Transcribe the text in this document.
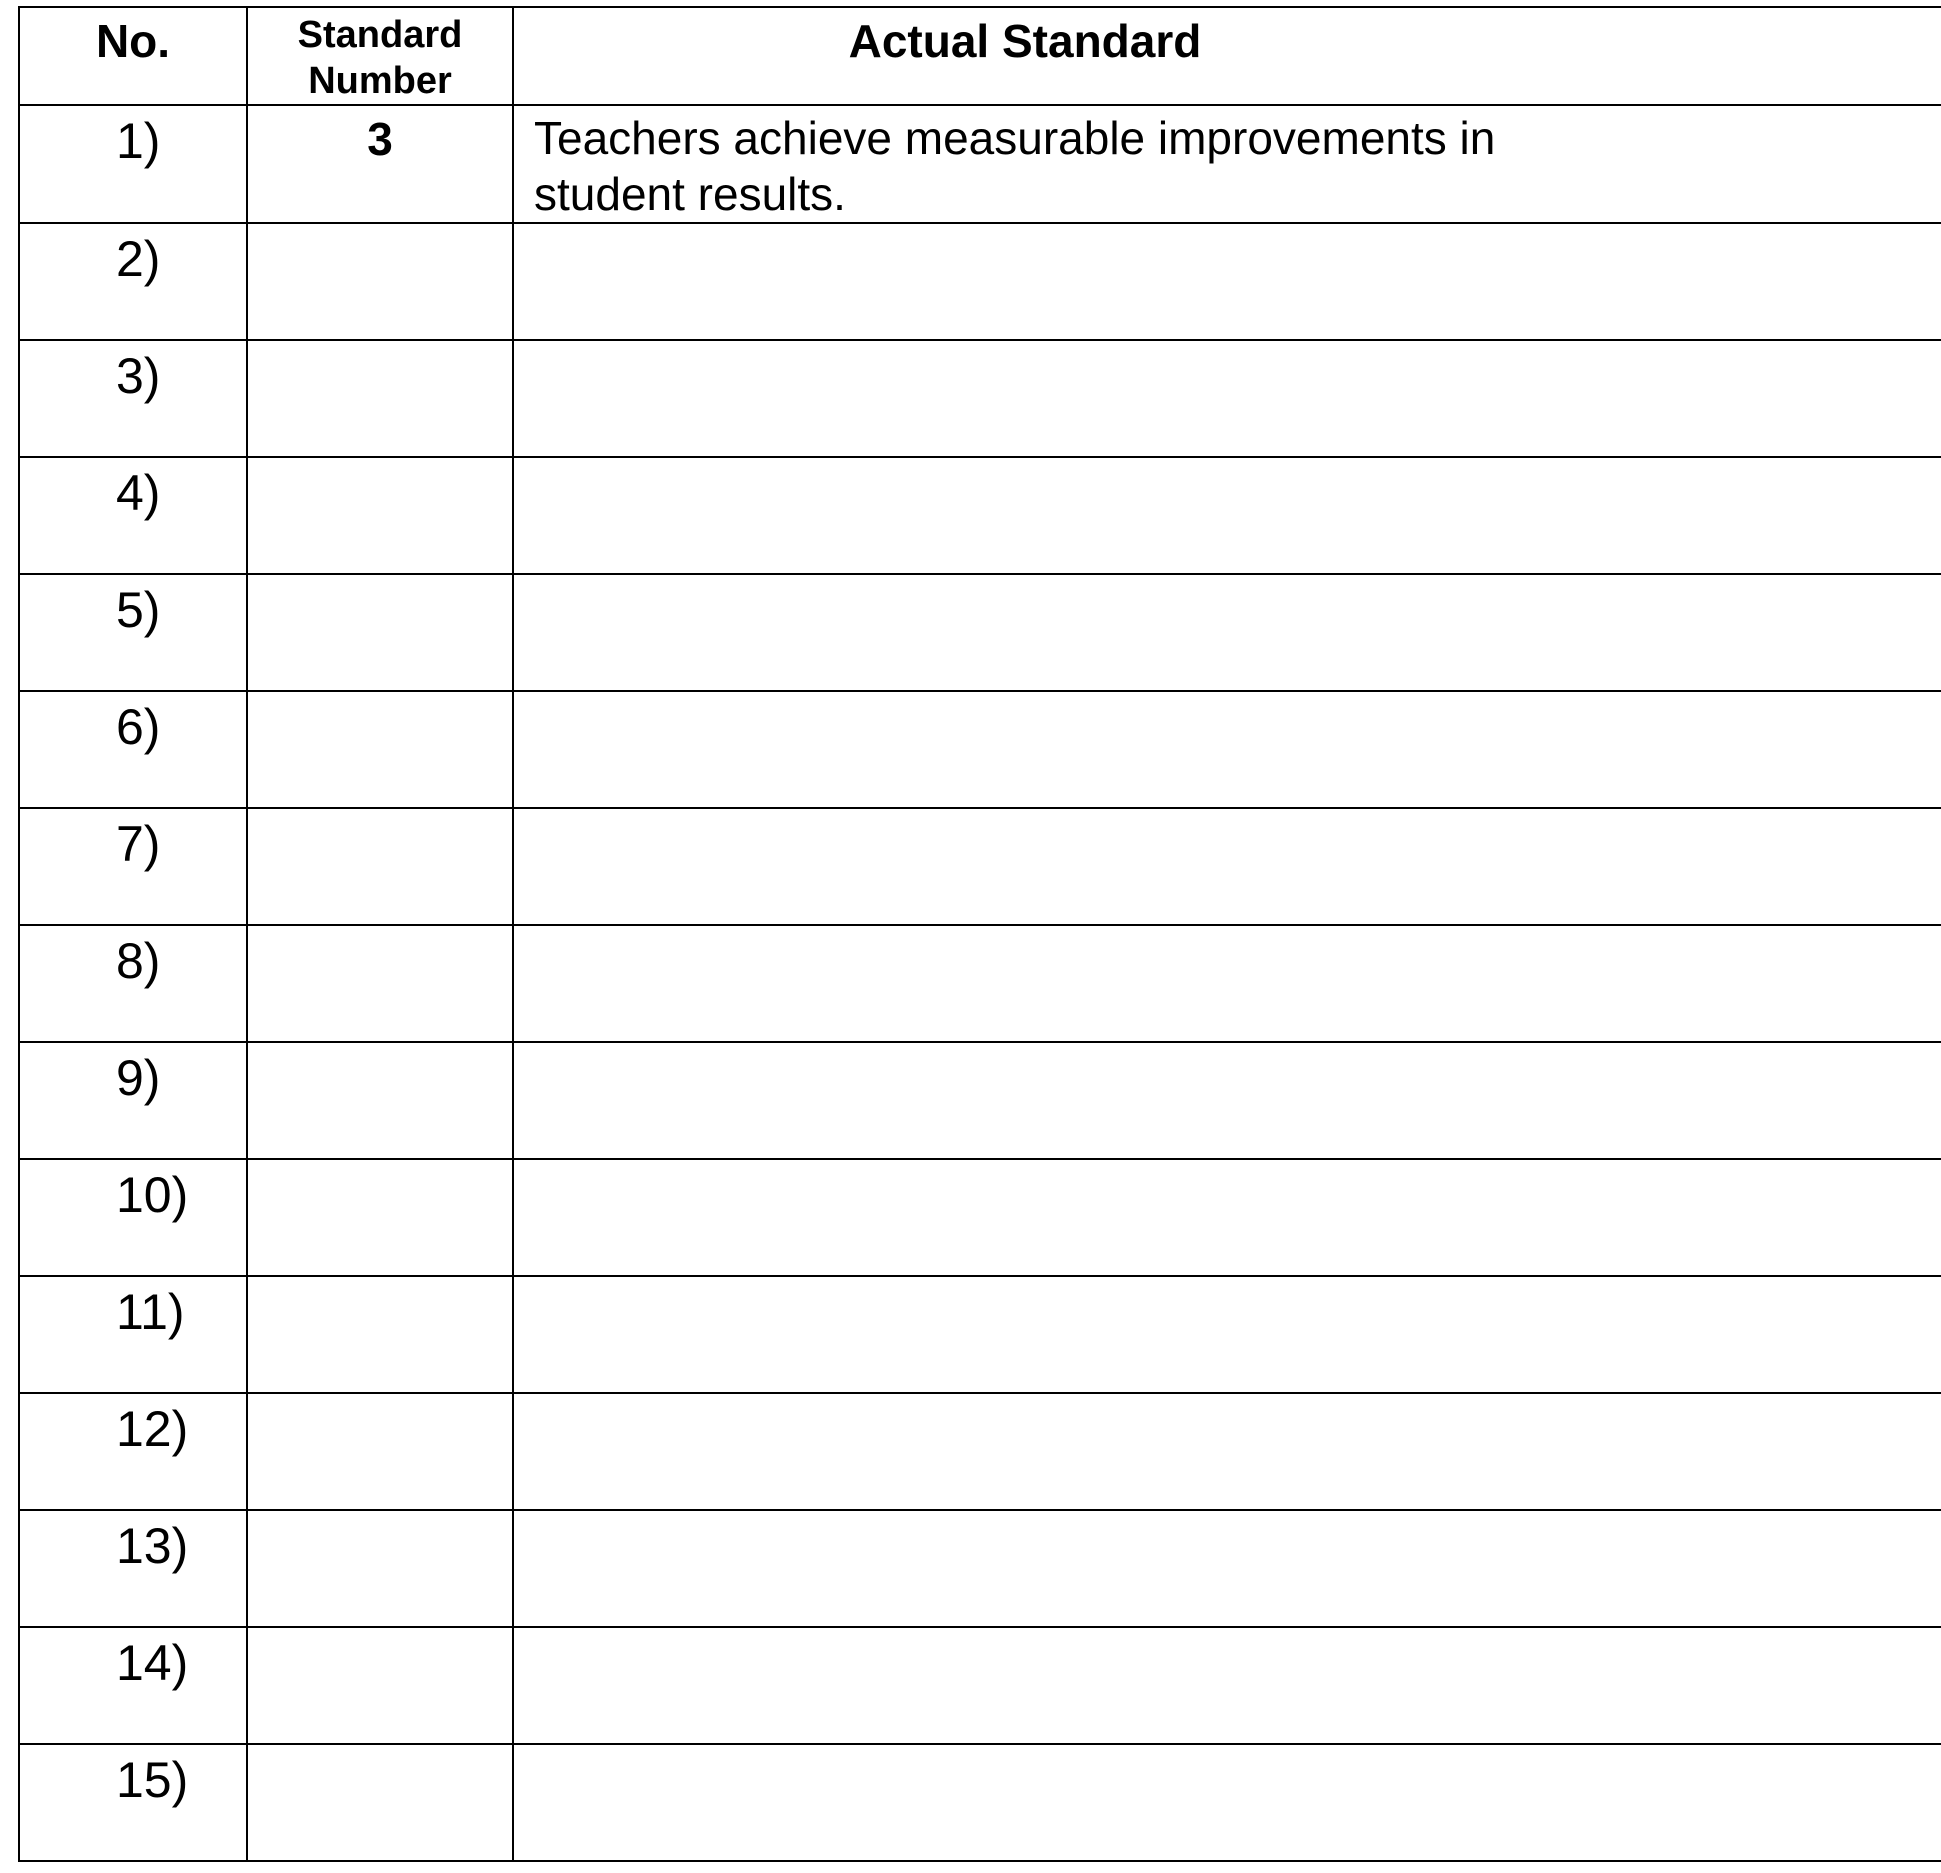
No.	Standard Number	Actual Standard
1)	3	Teachers achieve measurable improvements in student results.
2)		
3)		
4)		
5)		
6)		
7)		
8)		
9)		
10)		
11)		
12)		
13)		
14)		
15)		
